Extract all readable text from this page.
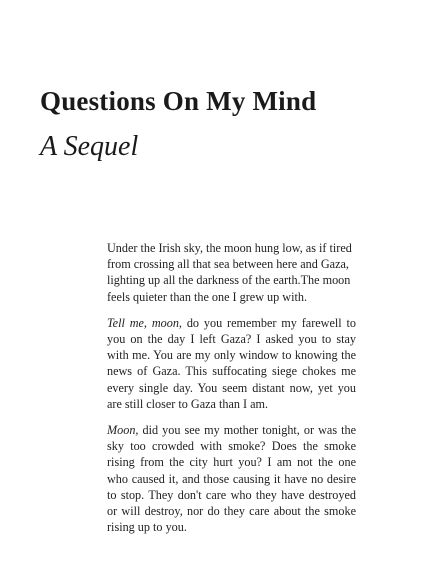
Questions On My Mind
A Sequel

Under the Irish sky, the moon hung low, as if tired from crossing all that sea between here and Gaza, lighting up all the darkness of the earth.The moon feels quieter than the one I grew up with.

Tell me, moon, do you remember my farewell to you on the day I left Gaza? I asked you to stay with me. You are my only window to knowing the news of Gaza. This suffocating siege chokes me every single day. You seem distant now, yet you are still closer to Gaza than I am.

Moon, did you see my mother tonight, or was the sky too crowded with smoke? Does the smoke rising from the city hurt you? I am not the one who caused it, and those causing it have no desire to stop. They don't care who they have destroyed or will destroy, nor do they care about the smoke rising up to you.
